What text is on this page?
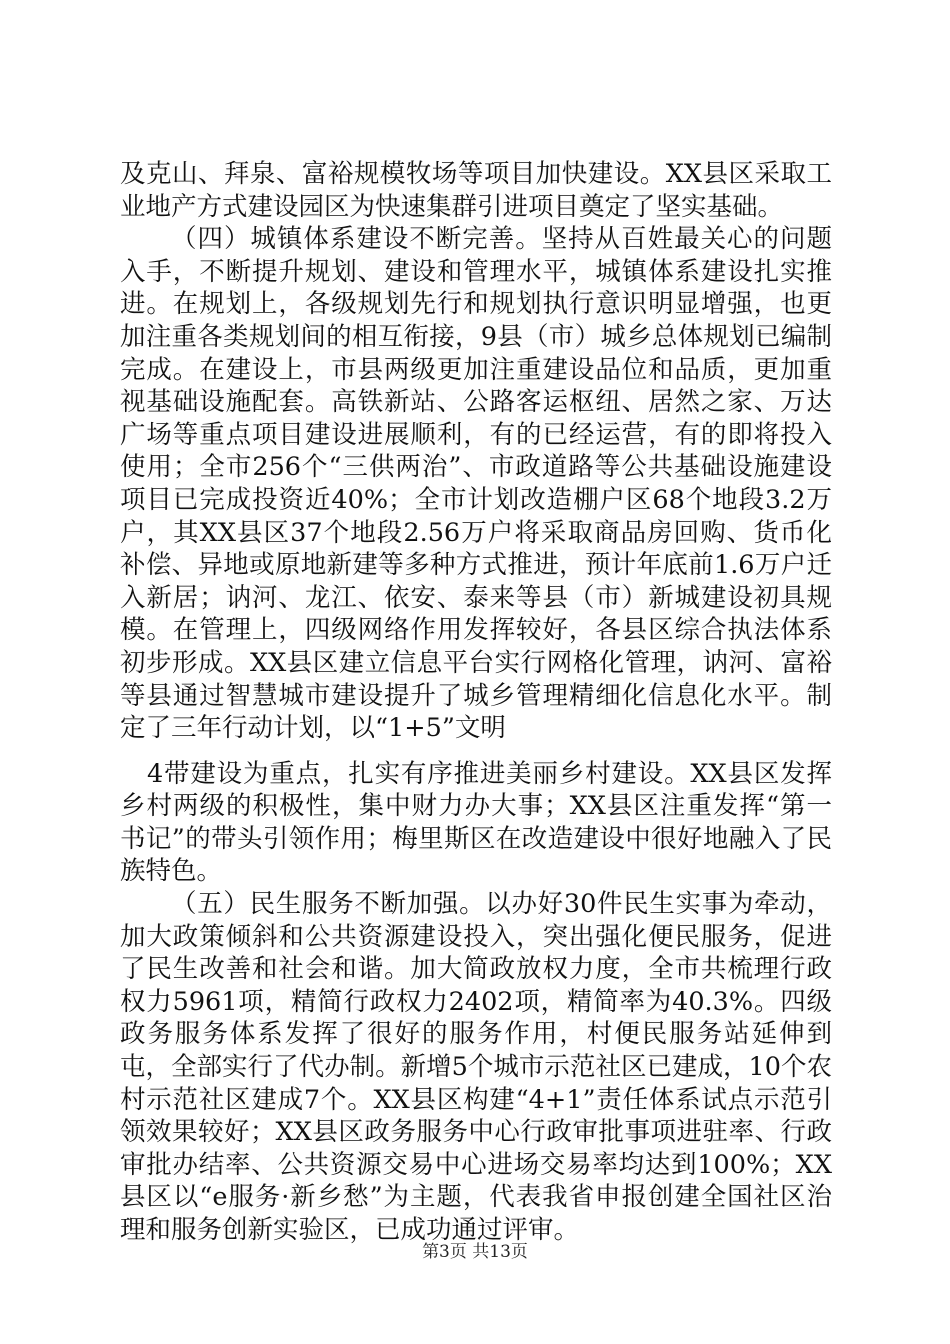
及克山、拜泉、富裕规模牧场等项目加快建设。XX县区采取工业地产方式建设园区为快速集群引进项目奠定了坚实基础。

（四）城镇体系建设不断完善。坚持从百姓最关心的问题入手，不断提升规划、建设和管理水平，城镇体系建设扎实推进。在规划上，各级规划先行和规划执行意识明显增强，也更加注重各类规划间的相互衔接，9县（市）城乡总体规划已编制完成。在建设上，市县两级更加注重建设品位和品质，更加重视基础设施配套。高铁新站、公路客运枢纽、居然之家、万达广场等重点项目建设进展顺利，有的已经运营，有的即将投入使用；全市256个“三供两治”、市政道路等公共基础设施建设项目已完成投资近40%；全市计划改造棚户区68个地段3.2万户，其XX县区37个地段2.56万户将采取商品房回购、货币化补偿、异地或原地新建等多种方式推进，预计年底前1.6万户迁入新居；讷河、龙江、依安、泰来等县（市）新城建设初具规模。在管理上，四级网络作用发挥较好，各县区综合执法体系初步形成。XX县区建立信息平台实行网格化管理，讷河、富裕等县通过智慧城市建设提升了城乡管理精细化信息化水平。制定了三年行动计划，以“1+5”文明

4带建设为重点，扎实有序推进美丽乡村建设。XX县区发挥乡村两级的积极性，集中财力办大事；XX县区注重发挥“第一书记”的带头引领作用；梅里斯区在改造建设中很好地融入了民族特色。

（五）民生服务不断加强。以办好30件民生实事为牵动，加大政策倾斜和公共资源建设投入，突出强化便民服务，促进了民生改善和社会和谐。加大简政放权力度，全市共梳理行政权力5961项，精简行政权力2402项，精简率为40.3%。四级政务服务体系发挥了很好的服务作用，村便民服务站延伸到屯，全部实行了代办制。新增5个城市示范社区已建成，10个农村示范社区建成7个。XX县区构建“4+1”责任体系试点示范引领效果较好；XX县区政务服务中心行政审批事项进驻率、行政审批办结率、公共资源交易中心进场交易率均达到100%；XX县区以“e服务·新乡愁”为主题，代表我省申报创建全国社区治理和服务创新实验区，已成功通过评审。

第3页 共13页
